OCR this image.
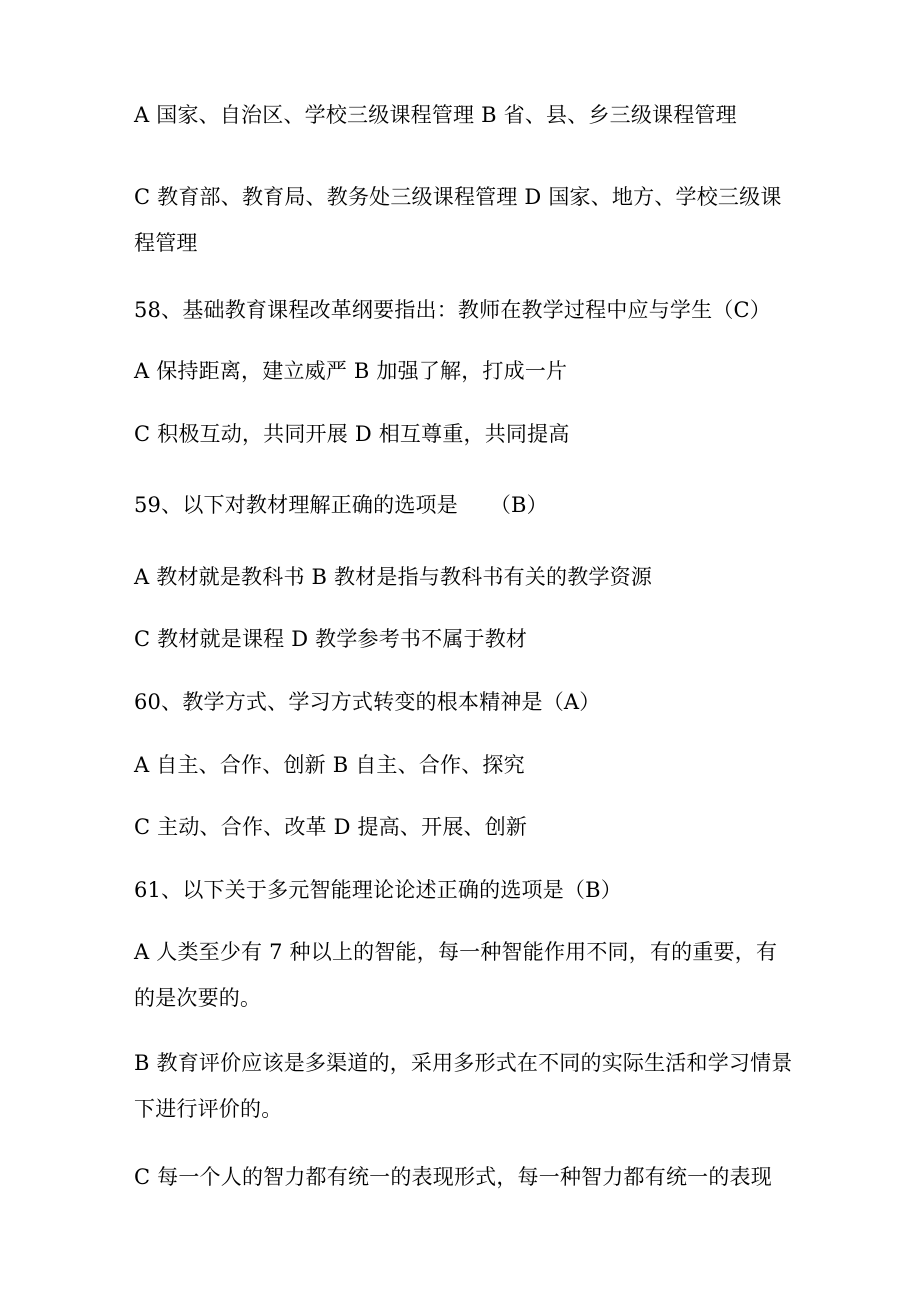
A 国家、自治区、学校三级课程管理 B 省、县、乡三级课程管理
C 教育部、教育局、教务处三级课程管理 D 国家、地方、学校三级课程管理
58、基础教育课程改革纲要指出：教师在教学过程中应与学生（C）
A 保持距离，建立威严 B 加强了解，打成一片
C 积极互动，共同开展 D 相互尊重，共同提高
59、以下对教材理解正确的选项是　　（B）
A 教材就是教科书 B 教材是指与教科书有关的教学资源
C 教材就是课程 D 教学参考书不属于教材
60、教学方式、学习方式转变的根本精神是（A）
A 自主、合作、创新 B 自主、合作、探究
C 主动、合作、改革 D 提高、开展、创新
61、以下关于多元智能理论论述正确的选项是（B）
A 人类至少有 7 种以上的智能，每一种智能作用不同，有的重要，有的是次要的。
B 教育评价应该是多渠道的，采用多形式在不同的实际生活和学习情景下进行评价的。
C 每一个人的智力都有统一的表现形式，每一种智力都有统一的表现
